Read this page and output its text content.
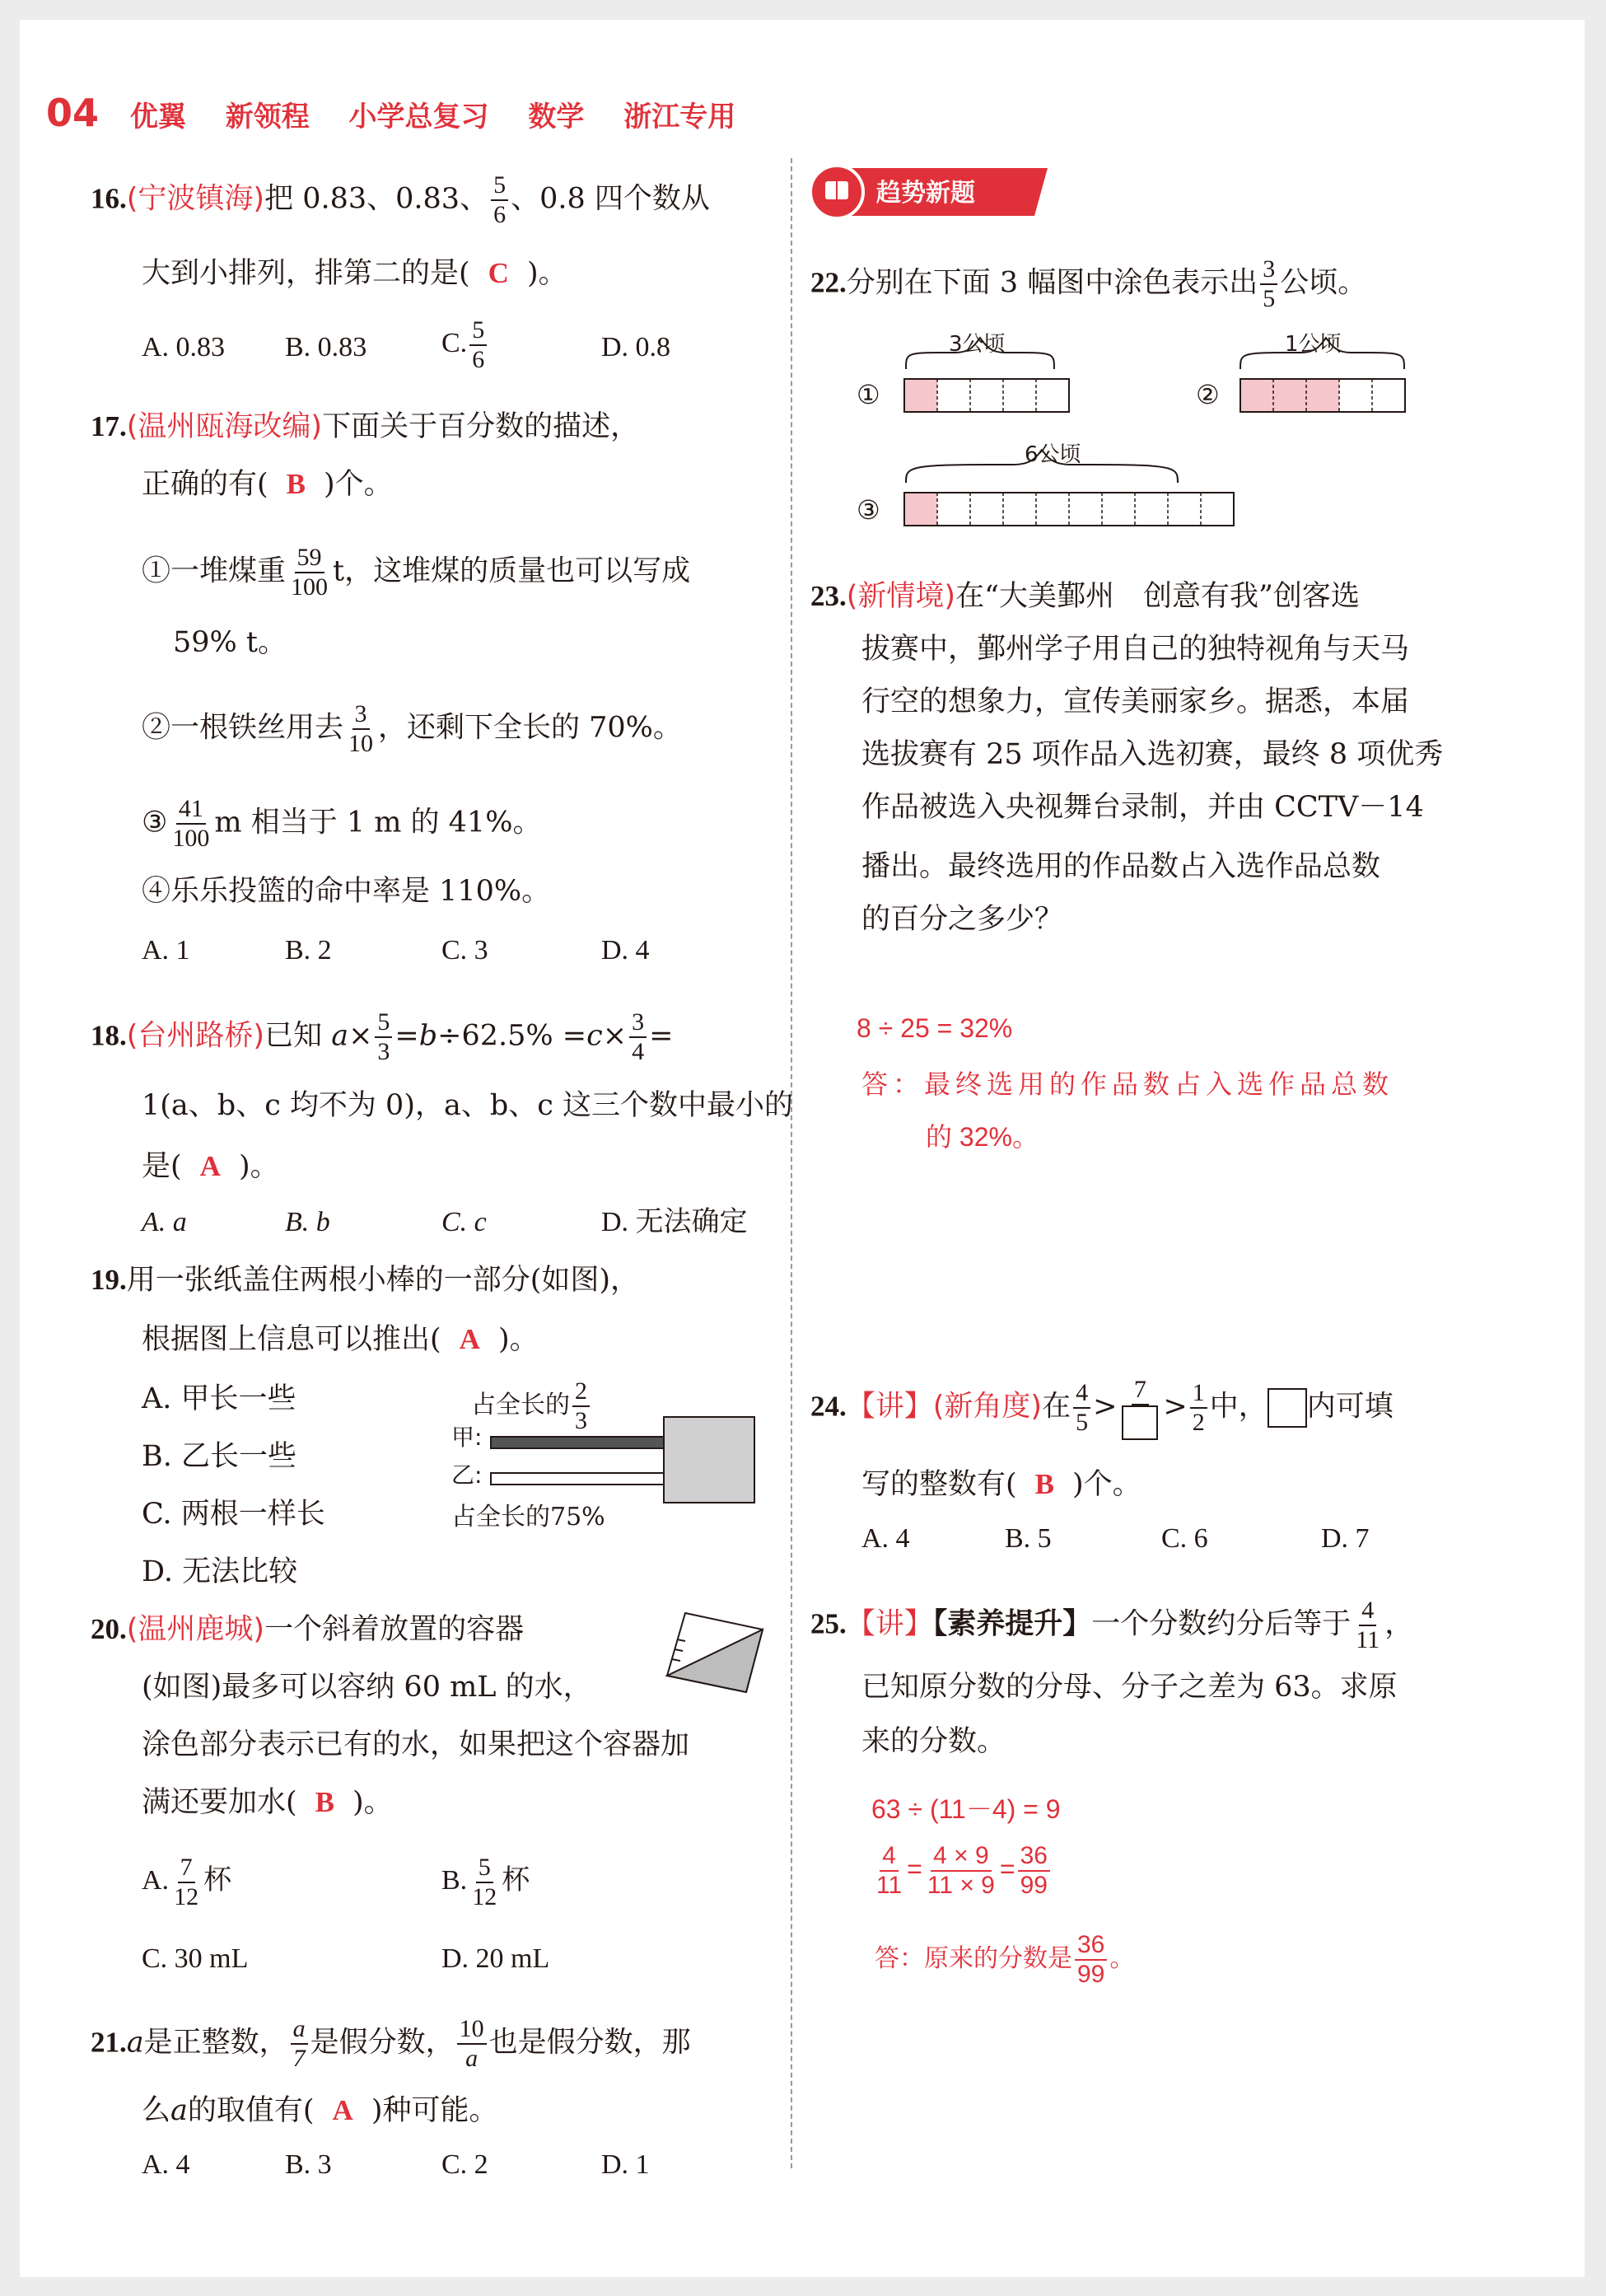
04 优翼 新领程 小学总复习 数学 浙江专用
16.(宁波镇海)把 0.83、0.83、 $\frac{5}{6}$ 、0.8 四个数从
大到小排列，排第二的是( C )。
A. 0.83 B. 0.83	C. $\frac{5}{6}$	D. 0.8
17.(温州瓯海改编)下面关于百分数的描述，
正确的有( B )个。
①一堆煤重 $\frac{59}{100}$ t，这堆煤的质量也可以写成
59% t。
②一根铁丝用去 $\frac{3}{10}$ ，还剩下全长的 70%。
③ $\frac{41}{100}$ m 相当于 1 m 的 41%。
④乐乐投篮的命中率是 110%。
A. 1	B. 2	C. 3	D. 4
18.(台州路桥)已知 $a\times \frac{5}{3} =b\div 62.5\% =c\times \frac{3}{4}$ =
1(a、b、c 均不为 0)，a、b、c 这三个数中最小的
是( A )。
A. a	B. b	C. c	D. 无法确定
19.用一张纸盖住两根小棒的一部分(如图)，
根据图上信息可以推出( A )。
A. 甲长一些
B. 乙长一些
C. 两根一样长
D. 无法比较
占全长的 $\frac{2}{3}$
甲:
乙:
占全长的75%
20.(温州鹿城)一个斜着放置的容器
(如图)最多可以容纳 60 mL 的水，
涂色部分表示已有的水，如果把这个容器加
满还要加水( B )。
A. $\frac{7}{12}$ 杯	B. $\frac{5}{12}$ 杯
C. 30 mL	D. 20 mL
21.a是正整数， $\frac{a}{7}$ 是假分数， $\frac{10}{a}$ 也是假分数，那
么a的取值有( A )种可能。
A. 4	B. 3	C. 2	D. 1
趋势新题
22.分别在下面 3 幅图中涂色表示出 $\frac{3}{5}$ 公顷。
①
3公顷
②
1公顷
③
6公顷
23.(新情境)在“大美鄞州　创意有我”创客选
拔赛中，鄞州学子用自己的独特视角与天马
行空的想象力，宣传美丽家乡。据悉，本届
选拔赛有 25 项作品入选初赛，最终 8 项优秀
作品被选入央视舞台录制，并由 CCTV－14
播出。最终选用的作品数占入选作品总数
的百分之多少？
8 ÷ 25 = 32%
答：最终选用的作品数占入选作品总数
的 32%。
24.【讲】(新角度)在 $\frac{4}{5}$ >
7
> $\frac{1}{2}$ 中， 内可填
写的整数有( B )个。
A. 4	B. 5	C. 6	D. 7
25.【讲】【素养提升】一个分数约分后等于 $\frac{4}{11}$ ，
已知原分数的分母、分子之差为 63。求原
来的分数。
63 ÷ (11－4) = 9
$\frac{4}{11} = \frac{4 \times 9}{11 \times 9} = \frac{36}{99}$
答：原来的分数是 $\frac{36}{99}$ 。
